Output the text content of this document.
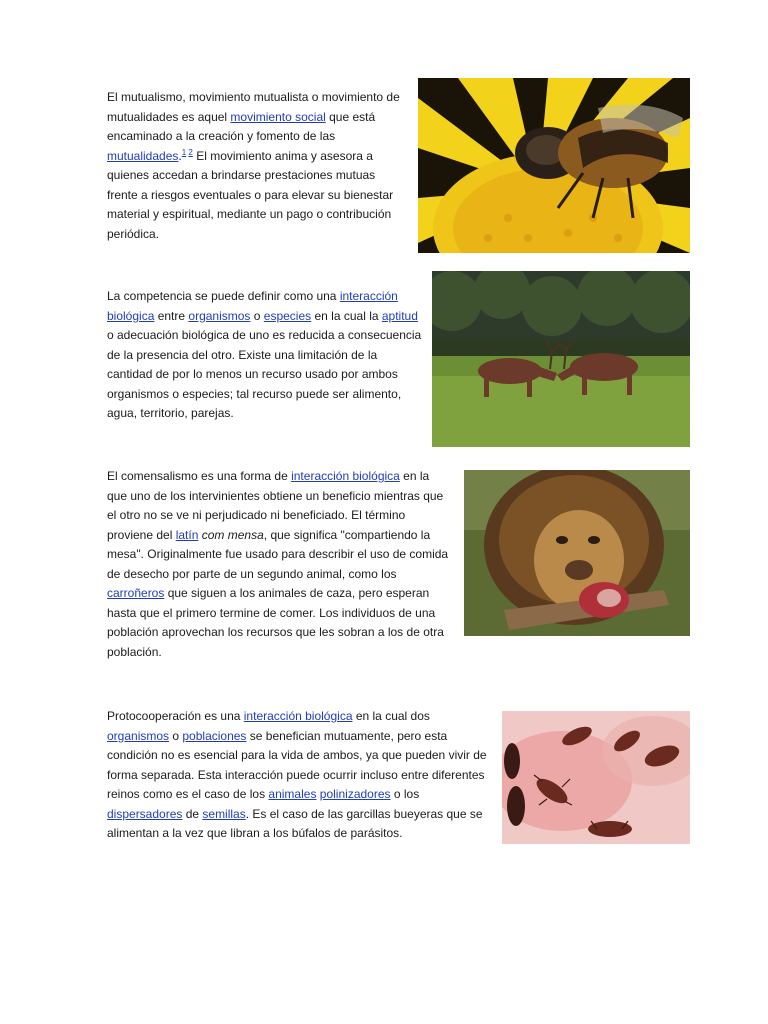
El mutualismo, movimiento mutualista o movimiento de mutualidades es aquel movimiento social que está encaminado a la creación y fomento de las mutualidades.$^{1 2}$ El movimiento anima y asesora a quienes accedan a brindarse prestaciones mutuas frente a riesgos eventuales o para elevar su bienestar material y espiritual, mediante un pago o contribución periódica.

La competencia se puede definir como una interacción biológica entre organismos o especies en la cual la aptitud o adecuación biológica de uno es reducida a consecuencia de la presencia del otro. Existe una limitación de la cantidad de por lo menos un recurso usado por ambos organismos o especies; tal recurso puede ser alimento, agua, territorio, parejas.

El comensalismo es una forma de interacción biológica en la que uno de los intervinientes obtiene un beneficio mientras que el otro no se ve ni perjudicado ni beneficiado. El término proviene del latín com mensa, que significa "compartiendo la mesa". Originalmente fue usado para describir el uso de comida de desecho por parte de un segundo animal, como los carroñeros que siguen a los animales de caza, pero esperan hasta que el primero termine de comer. Los individuos de una población aprovechan los recursos que les sobran a los de otra población.

Protocooperación es una interacción biológica en la cual dos organismos o poblaciones se benefician mutuamente, pero esta condición no es esencial para la vida de ambos, ya que pueden vivir de forma separada. Esta interacción puede ocurrir incluso entre diferentes reinos como es el caso de los animales polinizadores o los dispersadores de semillas. Es el caso de las garcillas bueyeras que se alimentan a la vez que libran a los búfalos de parásitos.
